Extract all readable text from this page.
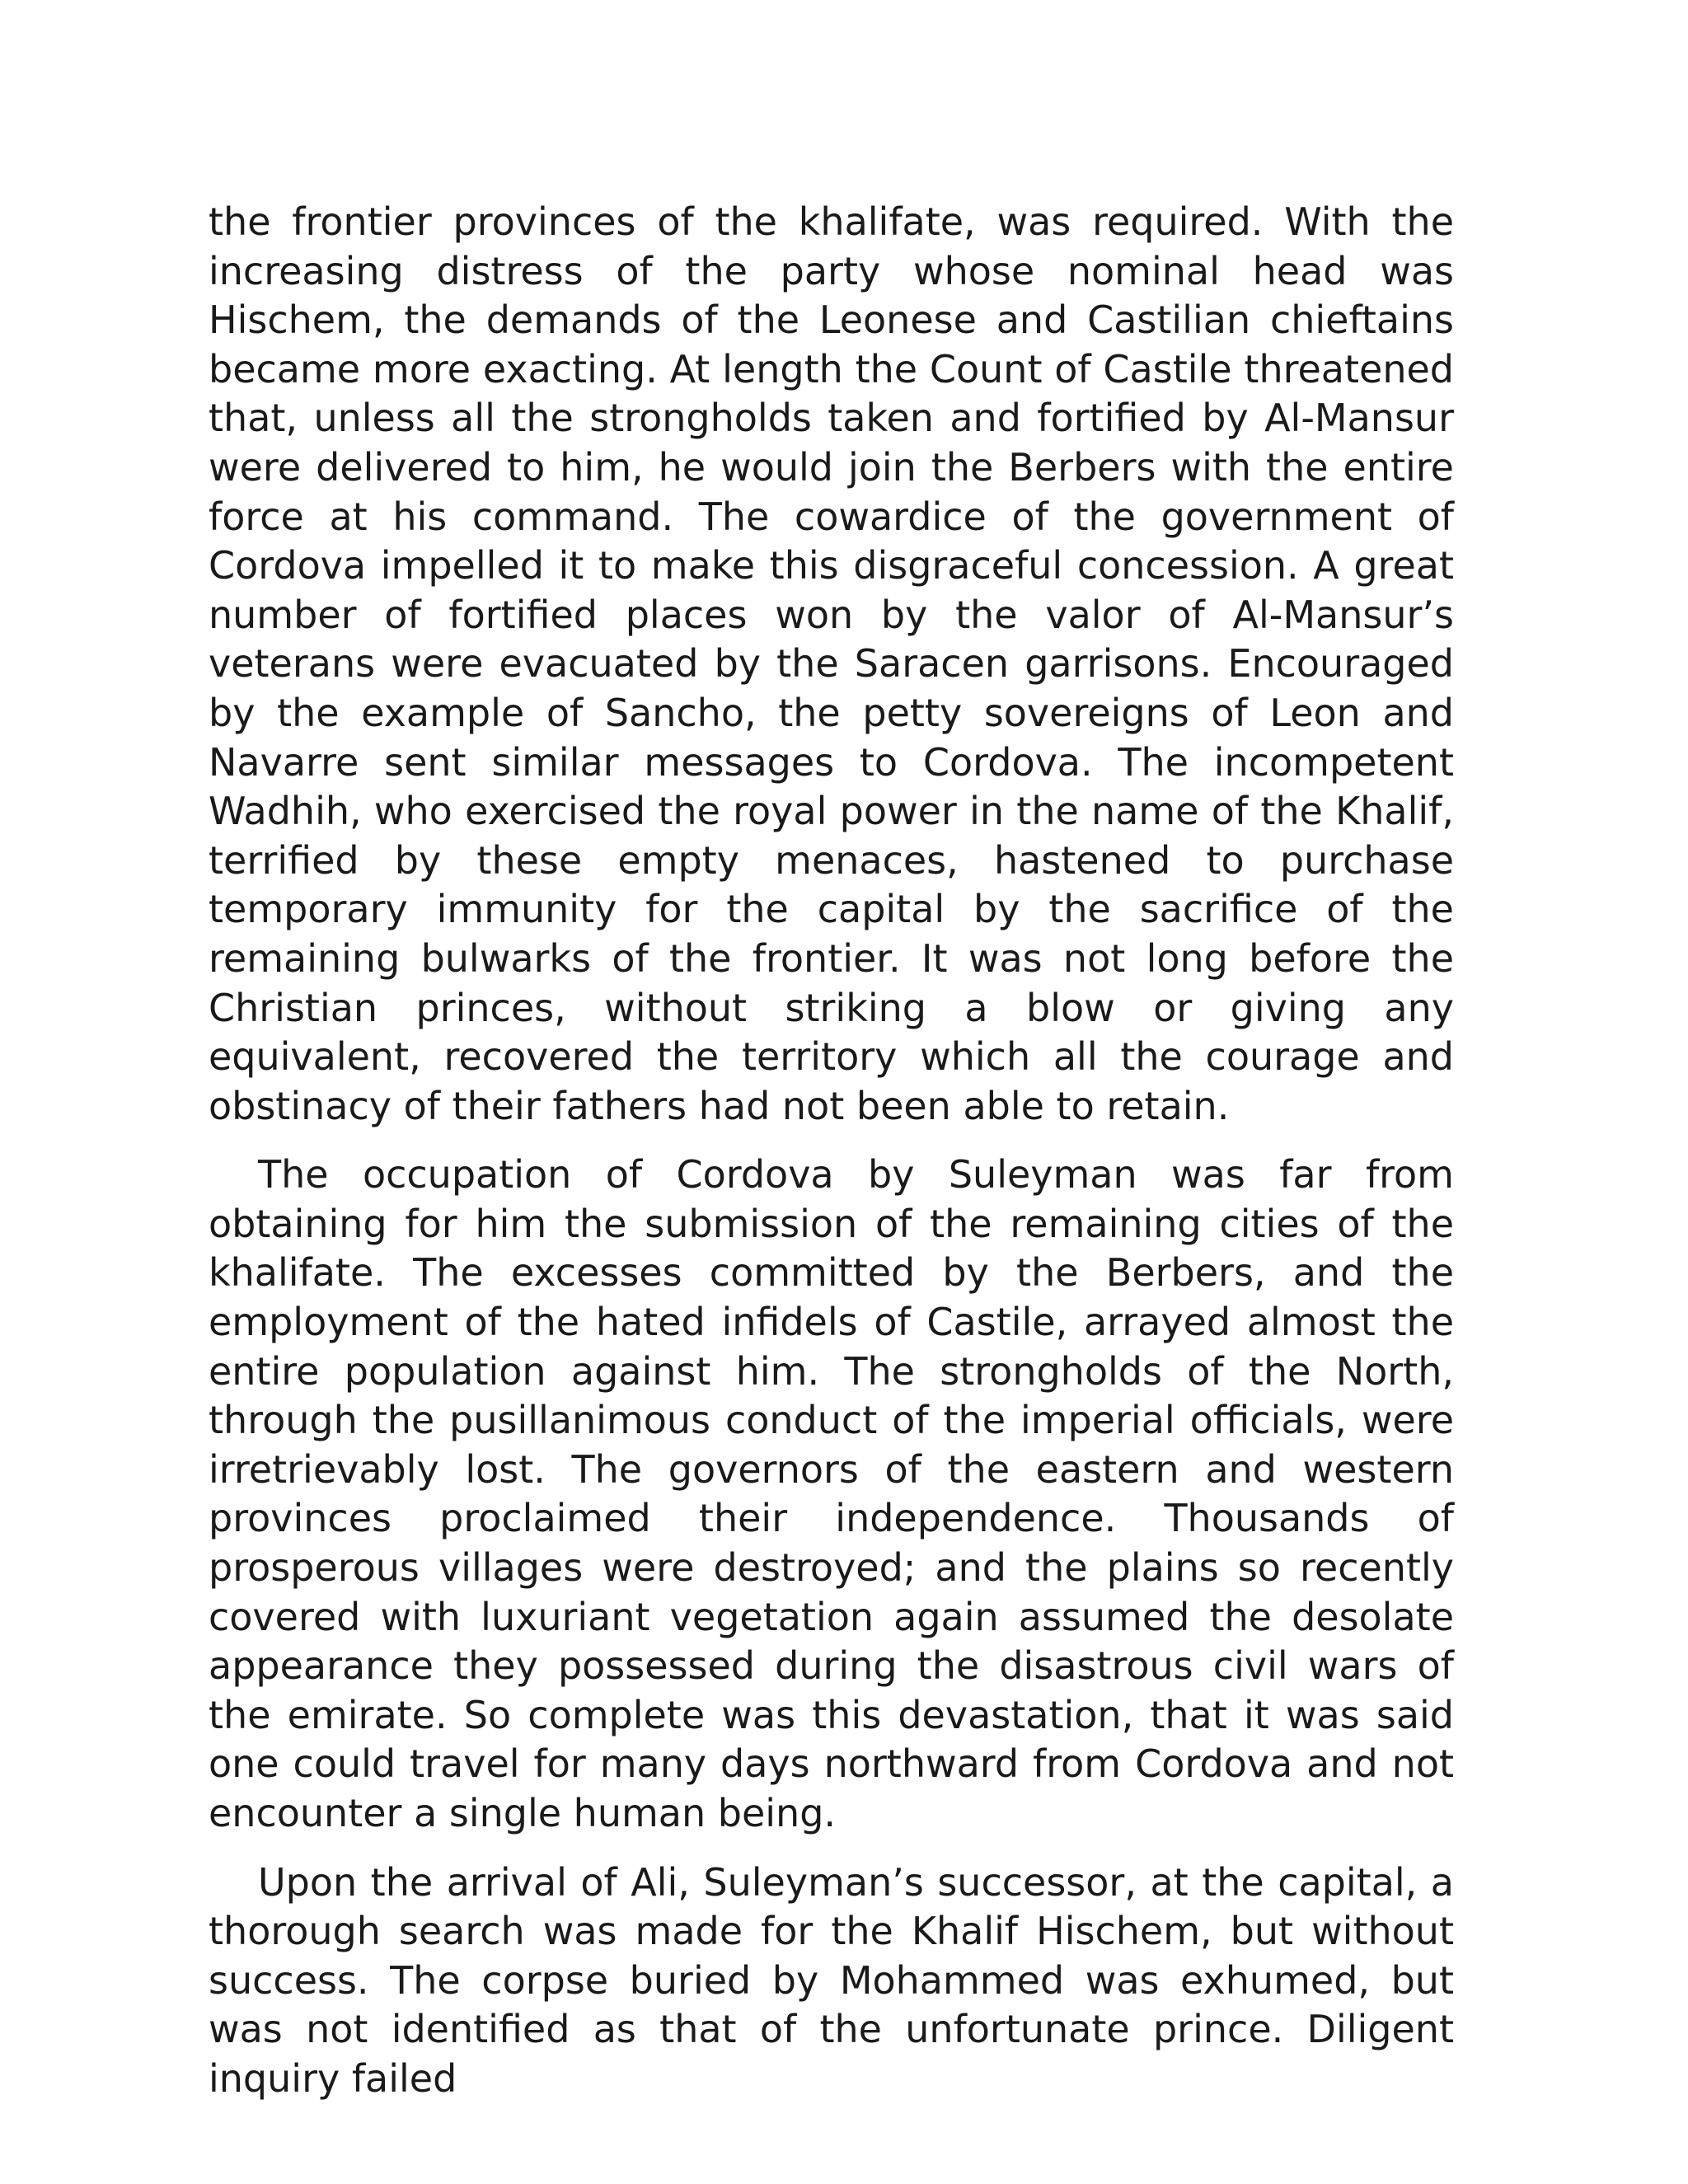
the frontier provinces of the khalifate, was required. With the increasing distress of the party whose nominal head was Hischem, the demands of the Leonese and Castilian chieftains became more exacting. At length the Count of Castile threatened that, unless all the strongholds taken and fortified by Al-Mansur were delivered to him, he would join the Berbers with the entire force at his command. The cowardice of the government of Cordova impelled it to make this disgraceful concession. A great number of fortified places won by the valor of Al-Mansur’s veterans were evacuated by the Saracen garrisons. Encouraged by the example of Sancho, the petty sovereigns of Leon and Navarre sent similar messages to Cordova. The incompetent Wadhih, who exercised the royal power in the name of the Khalif, terrified by these empty menaces, hastened to purchase temporary immunity for the capital by the sacrifice of the remaining bulwarks of the frontier. It was not long before the Christian princes, without striking a blow or giving any equivalent, recovered the territory which all the courage and obstinacy of their fathers had not been able to retain.

The occupation of Cordova by Suleyman was far from obtaining for him the submission of the remaining cities of the khalifate. The excesses committed by the Berbers, and the employment of the hated infidels of Castile, arrayed almost the entire population against him. The strongholds of the North, through the pusillanimous conduct of the imperial officials, were irretrievably lost. The governors of the eastern and western provinces proclaimed their independence. Thousands of prosperous villages were destroyed; and the plains so recently covered with luxuriant vegetation again assumed the desolate appearance they possessed during the disastrous civil wars of the emirate. So complete was this devastation, that it was said one could travel for many days northward from Cordova and not encounter a single human being.

Upon the arrival of Ali, Suleyman’s successor, at the capital, a thorough search was made for the Khalif Hischem, but without success. The corpse buried by Mohammed was exhumed, but was not identified as that of the unfortunate prince. Diligent inquiry failed
